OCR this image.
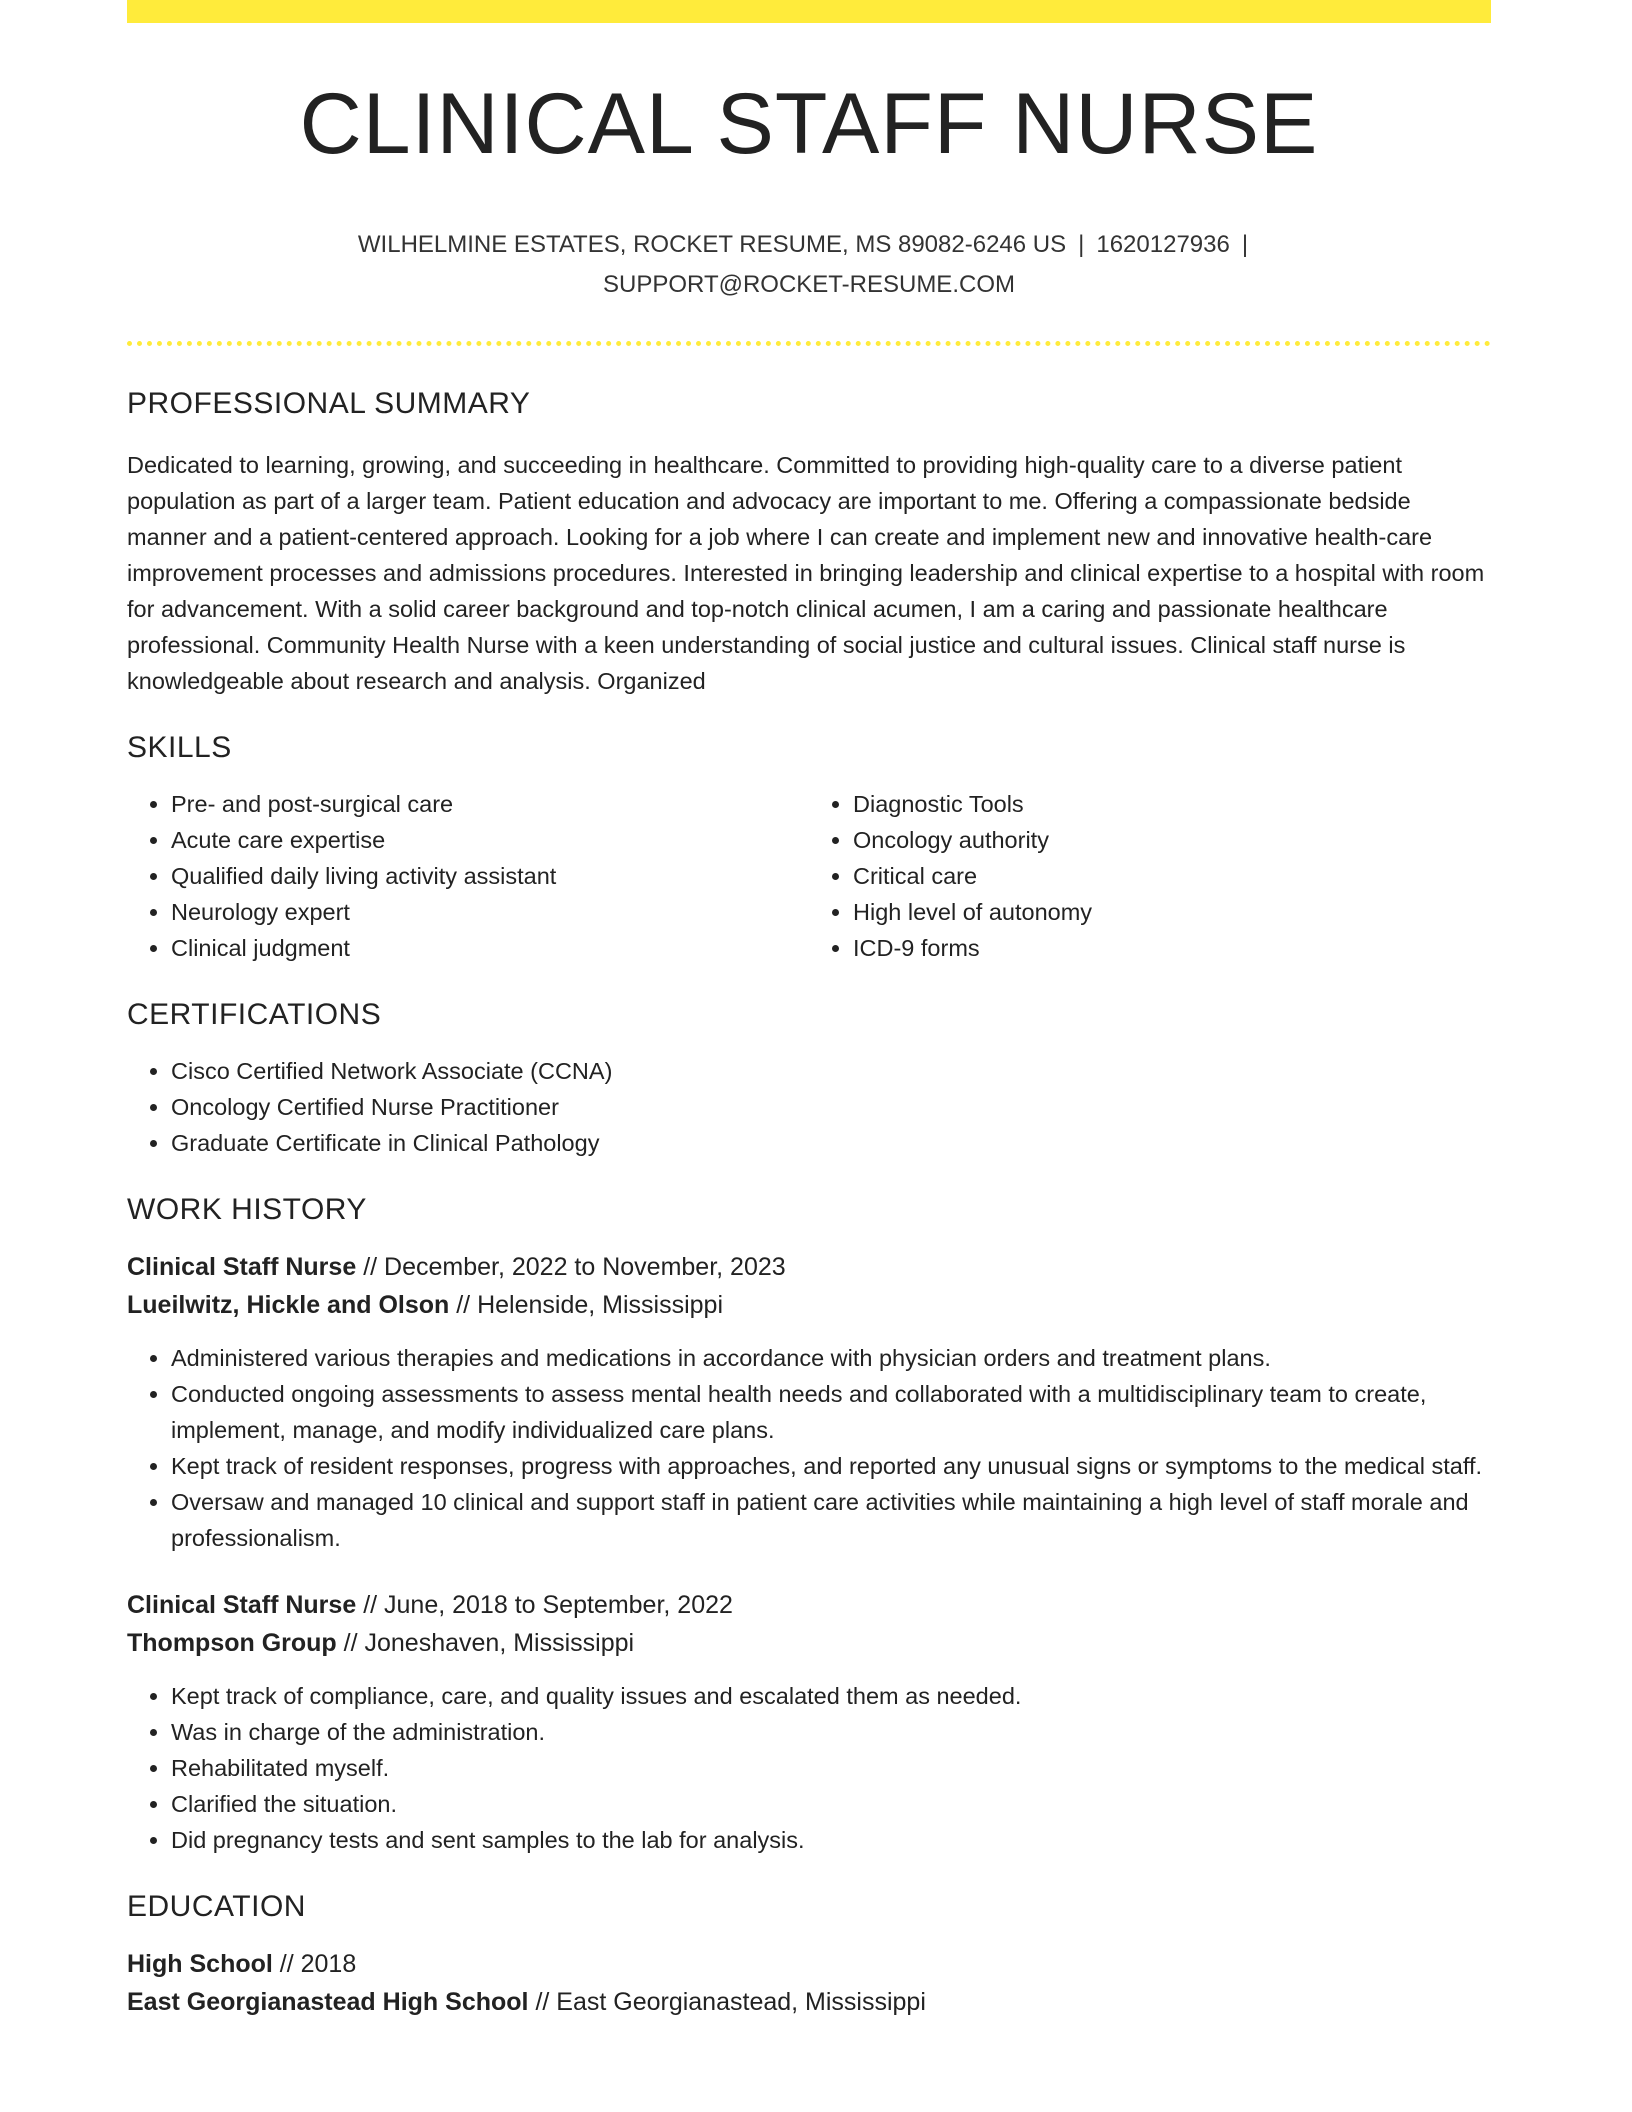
CLINICAL STAFF NURSE
WILHELMINE ESTATES, ROCKET RESUME, MS 89082-6246 US | 1620127936 |
SUPPORT@ROCKET-RESUME.COM
PROFESSIONAL SUMMARY

Dedicated to learning, growing, and succeeding in healthcare. Committed to providing high-quality care to a diverse patient population as part of a larger team. Patient education and advocacy are important to me. Offering a compassionate bedside manner and a patient-centered approach. Looking for a job where I can create and implement new and innovative health-care improvement processes and admissions procedures. Interested in bringing leadership and clinical expertise to a hospital with room for advancement. With a solid career background and top-notch clinical acumen, I am a caring and passionate healthcare professional. Community Health Nurse with a keen understanding of social justice and cultural issues. Clinical staff nurse is knowledgeable about research and analysis. Organized

SKILLS
• Pre- and post-surgical care
• Acute care expertise
• Qualified daily living activity assistant
• Neurology expert
• Clinical judgment
• Diagnostic Tools
• Oncology authority
• Critical care
• High level of autonomy
• ICD-9 forms
CERTIFICATIONS
• Cisco Certified Network Associate (CCNA)
• Oncology Certified Nurse Practitioner
• Graduate Certificate in Clinical Pathology
WORK HISTORY
Clinical Staff Nurse // December, 2022 to November, 2023
Lueilwitz, Hickle and Olson // Helenside, Mississippi
• Administered various therapies and medications in accordance with physician orders and treatment plans.
• Conducted ongoing assessments to assess mental health needs and collaborated with a multidisciplinary team to create, implement, manage, and modify individualized care plans.
• Kept track of resident responses, progress with approaches, and reported any unusual signs or symptoms to the medical staff.
• Oversaw and managed 10 clinical and support staff in patient care activities while maintaining a high level of staff morale and professionalism.
Clinical Staff Nurse // June, 2018 to September, 2022
Thompson Group // Joneshaven, Mississippi
• Kept track of compliance, care, and quality issues and escalated them as needed.
• Was in charge of the administration.
• Rehabilitated myself.
• Clarified the situation.
• Did pregnancy tests and sent samples to the lab for analysis.
EDUCATION
High School // 2018
East Georgianastead High School // East Georgianastead, Mississippi
